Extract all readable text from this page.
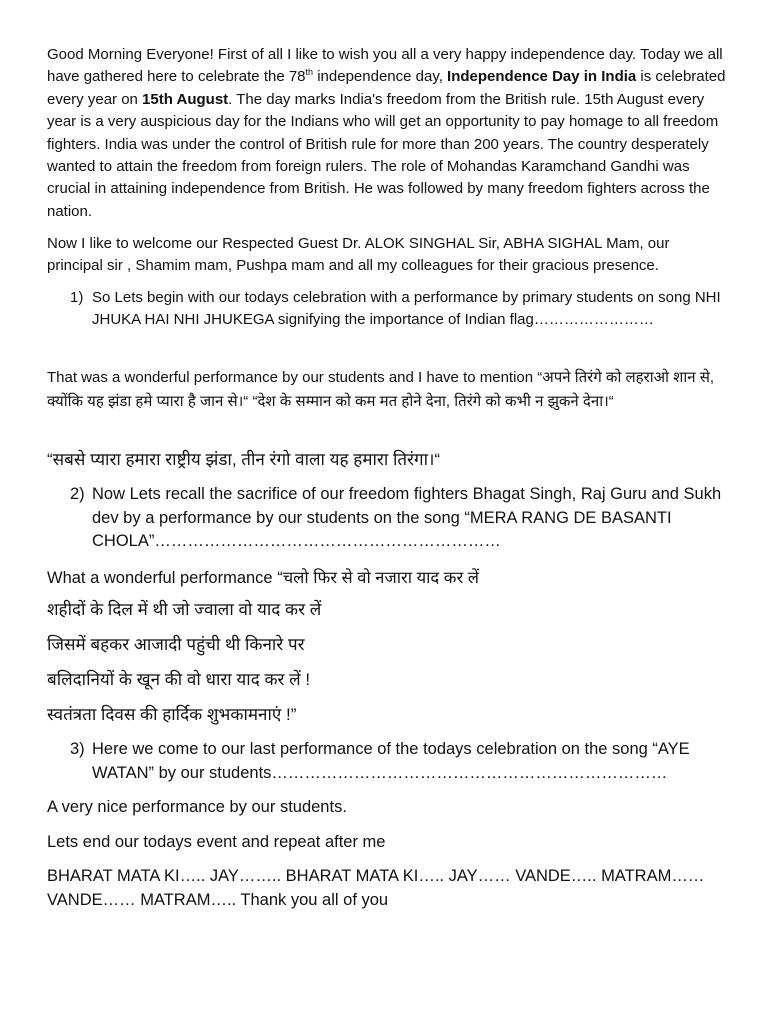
Good Morning Everyone! First of all I like to wish you all a very happy independence day. Today we all have gathered here to celebrate the 78th independence day, Independence Day in India is celebrated every year on 15th August. The day marks India's freedom from the British rule. 15th August every year is a very auspicious day for the Indians who will get an opportunity to pay homage to all freedom fighters. India was under the control of British rule for more than 200 years. The country desperately wanted to attain the freedom from foreign rulers. The role of Mohandas Karamchand Gandhi was crucial in attaining independence from British. He was followed by many freedom fighters across the nation.

Now I like to welcome our Respected Guest Dr. ALOK SINGHAL Sir, ABHA SIGHAL Mam, our principal sir , Shamim mam, Pushpa mam and all my colleagues for their gracious presence.

1) So Lets begin with our todays celebration with a performance by primary students on song NHI JHUKA HAI NHI JHUKEGA signifying the importance of Indian flag……………………

That was a wonderful performance by our students and I have to mention “अपने तिरंगे को लहराओ शान से, क्योंकि यह झंडा हमे प्यारा है जान से।“ “देश के सम्मान को कम मत होने देना, तिरंगे को कभी न झुकने देना।“

“सबसे प्यारा हमारा राष्ट्रीय झंडा, तीन रंगो वाला यह हमारा तिरंगा।“

2) Now Lets recall the sacrifice of our freedom fighters Bhagat Singh, Raj Guru and Sukh dev by a performance by our students on the song “MERA RANG DE BASANTI CHOLA”………………………………………………………

What a wonderful performance “चलो फिर से वो नजारा याद कर लें

शहीदों के दिल में थी जो ज्वाला वो याद कर लें

जिसमें बहकर आजादी पहुंची थी किनारे पर

बलिदानियों के खून की वो धारा याद कर लें !

स्वतंत्रता दिवस की हार्दिक शुभकामनाएं !”

3) Here we come to our last performance of the todays celebration on the song “AYE WATAN” by our students………………………………………………………………

A very nice performance by our students.

Lets end our todays event and repeat after me

BHARAT MATA KI….. JAY…….. BHARAT MATA KI….. JAY…… VANDE….. MATRAM…… VANDE…… MATRAM….. Thank you all of you
